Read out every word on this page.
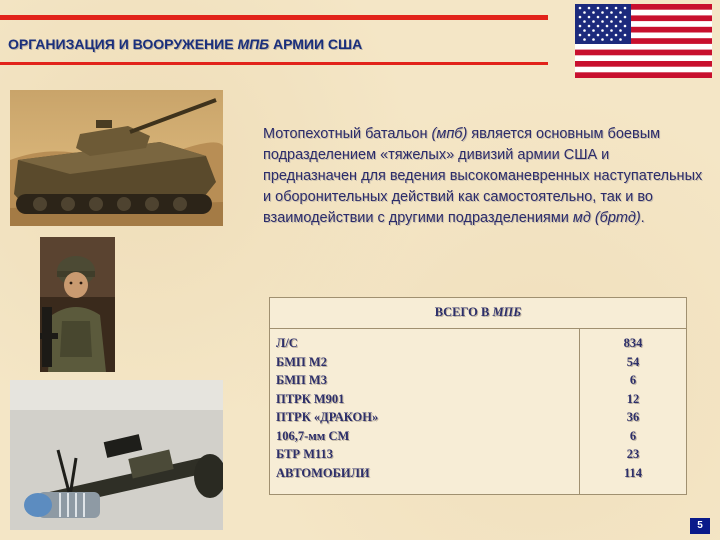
ОРГАНИЗАЦИЯ И ВООРУЖЕНИЕ МПБ АРМИИ США
Мотопехотный батальон (мпб) является основным боевым подразделением «тяжелых» дивизий армии США и предназначен для ведения высокоманевренных наступательных и оборонительных действий как самостоятельно, так и во взаимодействии с другими подразделениями мд (бртд).
ВСЕГО В МПБ
Л/С
БМП М2
БМП М3
ПТРК М901
ПТРК «ДРАКОН»
106,7-мм СМ
БТР М113
АВТОМОБИЛИ
834
54
6
12
36
6
23
114
5
